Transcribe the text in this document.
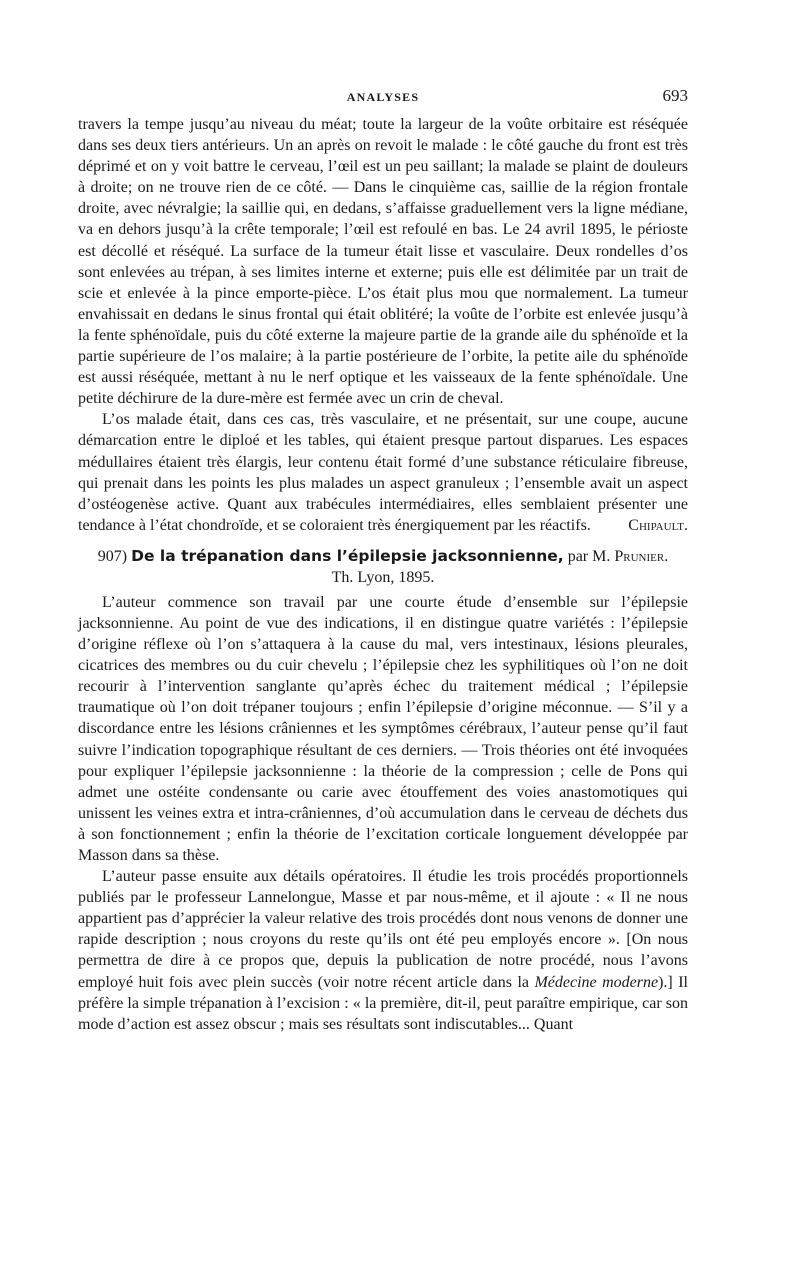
ANALYSES	693

travers la tempe jusqu’au niveau du méat; toute la largeur de la voûte orbitaire est réséquée dans ses deux tiers antérieurs. Un an après on revoit le malade : le côté gauche du front est très déprimé et on y voit battre le cerveau, l’œil est un peu saillant; la malade se plaint de douleurs à droite; on ne trouve rien de ce côté. — Dans le cinquième cas, saillie de la région frontale droite, avec névralgie; la saillie qui, en dedans, s’affaisse graduellement vers la ligne médiane, va en dehors jusqu’à la crête temporale; l’œil est refoulé en bas. Le 24 avril 1895, le périoste est décollé et réséqué. La surface de la tumeur était lisse et vasculaire. Deux rondelles d’os sont enlevées au trépan, à ses limites interne et externe; puis elle est délimitée par un trait de scie et enlevée à la pince emporte-pièce. L’os était plus mou que normalement. La tumeur envahissait en dedans le sinus frontal qui était oblitéré; la voûte de l’orbite est enlevée jusqu’à la fente sphénoïdale, puis du côté externe la majeure partie de la grande aile du sphénoïde et la partie supérieure de l’os malaire; à la partie postérieure de l’orbite, la petite aile du sphénoïde est aussi réséquée, mettant à nu le nerf optique et les vaisseaux de la fente sphénoïdale. Une petite déchirure de la dure-mère est fermée avec un crin de cheval.

L’os malade était, dans ces cas, très vasculaire, et ne présentait, sur une coupe, aucune démarcation entre le diploé et les tables, qui étaient presque partout disparues. Les espaces médullaires étaient très élargis, leur contenu était formé d’une substance réticulaire fibreuse, qui prenait dans les points les plus malades un aspect granuleux ; l’ensemble avait un aspect d’ostéogenèse active. Quant aux trabécules intermédiaires, elles semblaient présenter une tendance à l’état chondroïde, et se coloraient très énergiquement par les réactifs.	Chipault.

907) De la trépanation dans l’épilepsie jacksonnienne, par M. Prunier.
Th. Lyon, 1895.

L’auteur commence son travail par une courte étude d’ensemble sur l’épilepsie jacksonnienne. Au point de vue des indications, il en distingue quatre variétés : l’épilepsie d’origine réflexe où l’on s’attaquera à la cause du mal, vers intestinaux, lésions pleurales, cicatrices des membres ou du cuir chevelu ; l’épilepsie chez les syphilitiques où l’on ne doit recourir à l’intervention sanglante qu’après échec du traitement médical ; l’épilepsie traumatique où l’on doit trépaner toujours ; enfin l’épilepsie d’origine méconnue. — S’il y a discordance entre les lésions crâniennes et les symptômes cérébraux, l’auteur pense qu’il faut suivre l’indication topographique résultant de ces derniers. — Trois théories ont été invoquées pour expliquer l’épilepsie jacksonnienne : la théorie de la compression ; celle de Pons qui admet une ostéite condensante ou carie avec étouffement des voies anastomotiques qui unissent les veines extra et intra-crâniennes, d’où accumulation dans le cerveau de déchets dus à son fonctionnement ; enfin la théorie de l’excitation corticale longuement développée par Masson dans sa thèse.

L’auteur passe ensuite aux détails opératoires. Il étudie les trois procédés proportionnels publiés par le professeur Lannelongue, Masse et par nous-même, et il ajoute : « Il ne nous appartient pas d’apprécier la valeur relative des trois procédés dont nous venons de donner une rapide description ; nous croyons du reste qu’ils ont été peu employés encore ». [On nous permettra de dire à ce propos que, depuis la publication de notre procédé, nous l’avons employé huit fois avec plein succès (voir notre récent article dans la Médecine moderne).] Il préfère la simple trépanation à l’excision : « la première, dit-il, peut paraître empirique, car son mode d’action est assez obscur ; mais ses résultats sont indiscutables... Quant
